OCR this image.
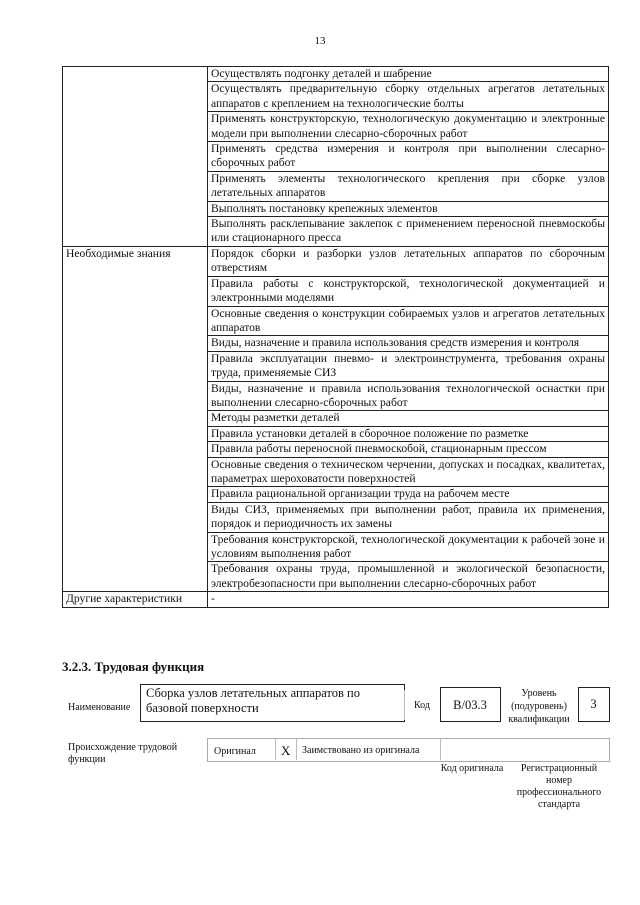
13
	Осуществлять подгонку деталей и шабрение
	Осуществлять предварительную сборку отдельных агрегатов летательных аппаратов с креплением на технологические болты
	Применять конструкторскую, технологическую документацию и электронные модели при выполнении слесарно-сборочных работ
	Применять средства измерения и контроля при выполнении слесарно-сборочных работ
	Применять элементы технологического крепления при сборке узлов летательных аппаратов
	Выполнять постановку крепежных элементов
	Выполнять расклепывание заклепок с применением переносной пневмоскобы или стационарного пресса
Необходимые знания	Порядок сборки и разборки узлов летательных аппаратов по сборочным отверстиям
	Правила работы с конструкторской, технологической документацией и электронными моделями
	Основные сведения о конструкции собираемых узлов и агрегатов летательных аппаратов
	Виды, назначение и правила использования средств измерения и контроля
	Правила эксплуатации пневмо- и электроинструмента, требования охраны труда, применяемые СИЗ
	Виды, назначение и правила использования технологической оснастки при выполнении слесарно-сборочных работ
	Методы разметки деталей
	Правила установки деталей в сборочное положение по разметке
	Правила работы переносной пневмоскобой, стационарным прессом
	Основные сведения о техническом черчении, допусках и посадках, квалитетах, параметрах шероховатости поверхностей
	Правила рациональной организации труда на рабочем месте
	Виды СИЗ, применяемых при выполнении работ, правила их применения, порядок и периодичность их замены
	Требования конструкторской, технологической документации к рабочей зоне и условиям выполнения работ
	Требования охраны труда, промышленной и экологической безопасности, электробезопасности при выполнении слесарно-сборочных работ
Другие характеристики	-
3.2.3. Трудовая функция
Наименование
Сборка узлов летательных аппаратов по базовой поверхности	Код	В/03.3
Уровень (подуровень) квалификации
3
Происхождение трудовой функции
Оригинал X Заимствовано из оригинала
Код оригинала	Регистрационный номер профессионального стандарта
